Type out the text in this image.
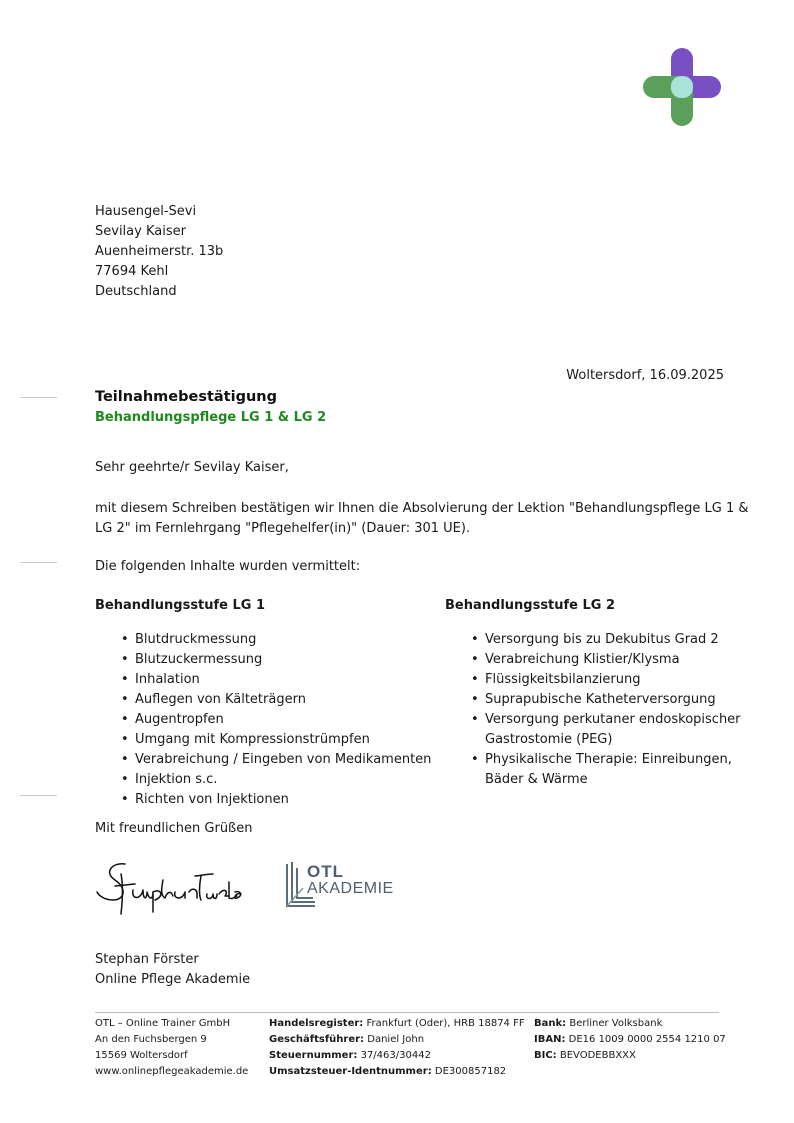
Hausengel-Sevi
Sevilay Kaiser
Auenheimerstr. 13b
77694 Kehl
Deutschland
Woltersdorf, 16.09.2025
Teilnahmebestätigung
Behandlungspflege LG 1 & LG 2
Sehr geehrte/r Sevilay Kaiser,
mit diesem Schreiben bestätigen wir Ihnen die Absolvierung der Lektion "Behandlungspflege LG 1 &
LG 2" im Fernlehrgang "Pflegehelfer(in)" (Dauer: 301 UE).
Die folgenden Inhalte wurden vermittelt:
Behandlungsstufe LG 1
• Blutdruckmessung
• Blutzuckermessung
• Inhalation
• Auflegen von Kälteträgern
• Augentropfen
• Umgang mit Kompressionstrümpfen
• Verabreichung / Eingeben von Medikamenten
• Injektion s.c.
• Richten von Injektionen
Behandlungsstufe LG 2
• Versorgung bis zu Dekubitus Grad 2
• Verabreichung Klistier/Klysma
• Flüssigkeitsbilanzierung
• Suprapubische Katheterversorgung
• Versorgung perkutaner endoskopischer Gastrostomie (PEG)
• Physikalische Therapie: Einreibungen, Bäder & Wärme
Mit freundlichen Grüßen
OTL
AKADEMIE
Stephan Förster
Online Pflege Akademie
OTL – Online Trainer GmbH
An den Fuchsbergen 9
15569 Woltersdorf
www.onlinepflegeakademie.de
Handelsregister: Frankfurt (Oder), HRB 18874 FF
Geschäftsführer: Daniel John
Steuernummer: 37/463/30442
Umsatzsteuer-Identnummer: DE300857182
Bank: Berliner Volksbank
IBAN: DE16 1009 0000 2554 1210 07
BIC: BEVODEBBXXX
